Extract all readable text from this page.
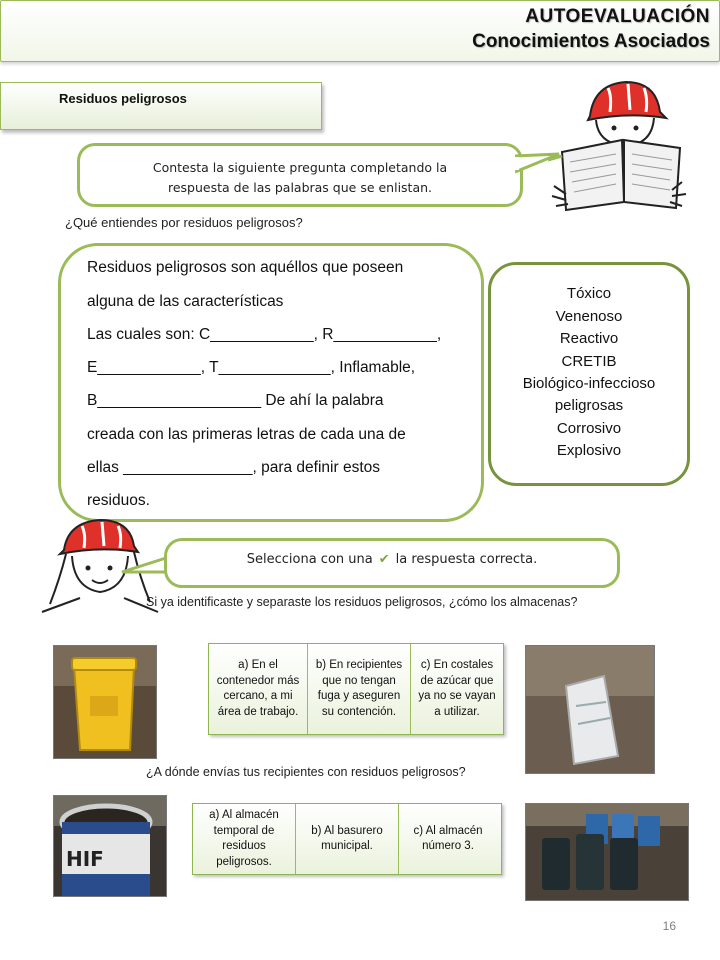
AUTOEVALUACIÓN
Conocimientos Asociados
Residuos peligrosos
Contesta la siguiente pregunta completando la
respuesta de las palabras que se enlistan.
¿Qué entiendes por residuos peligrosos?
Residuos peligrosos son aquéllos que poseen
alguna de las características
Las cuales son: C____________, R____________,
E____________, T_____________, Inflamable,
B___________________ De ahí la palabra
creada con las primeras letras de cada una de
ellas _______________, para definir estos
residuos.
Tóxico
Venenoso
Reactivo
CRETIB
Biológico-infeccioso
peligrosas
Corrosivo
Explosivo
Selecciona con una ✔ la respuesta correcta.
Si ya identificaste y separaste los residuos peligrosos, ¿cómo los almacenas?
a) En el contenedor más cercano, a mi área de trabajo.
b) En recipientes que no tengan fuga y aseguren su contención.
c) En costales de azúcar que ya no se vayan a utilizar.
¿A dónde envías tus recipientes con residuos peligrosos?
HIF
a) Al almacén temporal de residuos peligrosos.
b) Al basurero municipal.
c) Al almacén número 3.
16
